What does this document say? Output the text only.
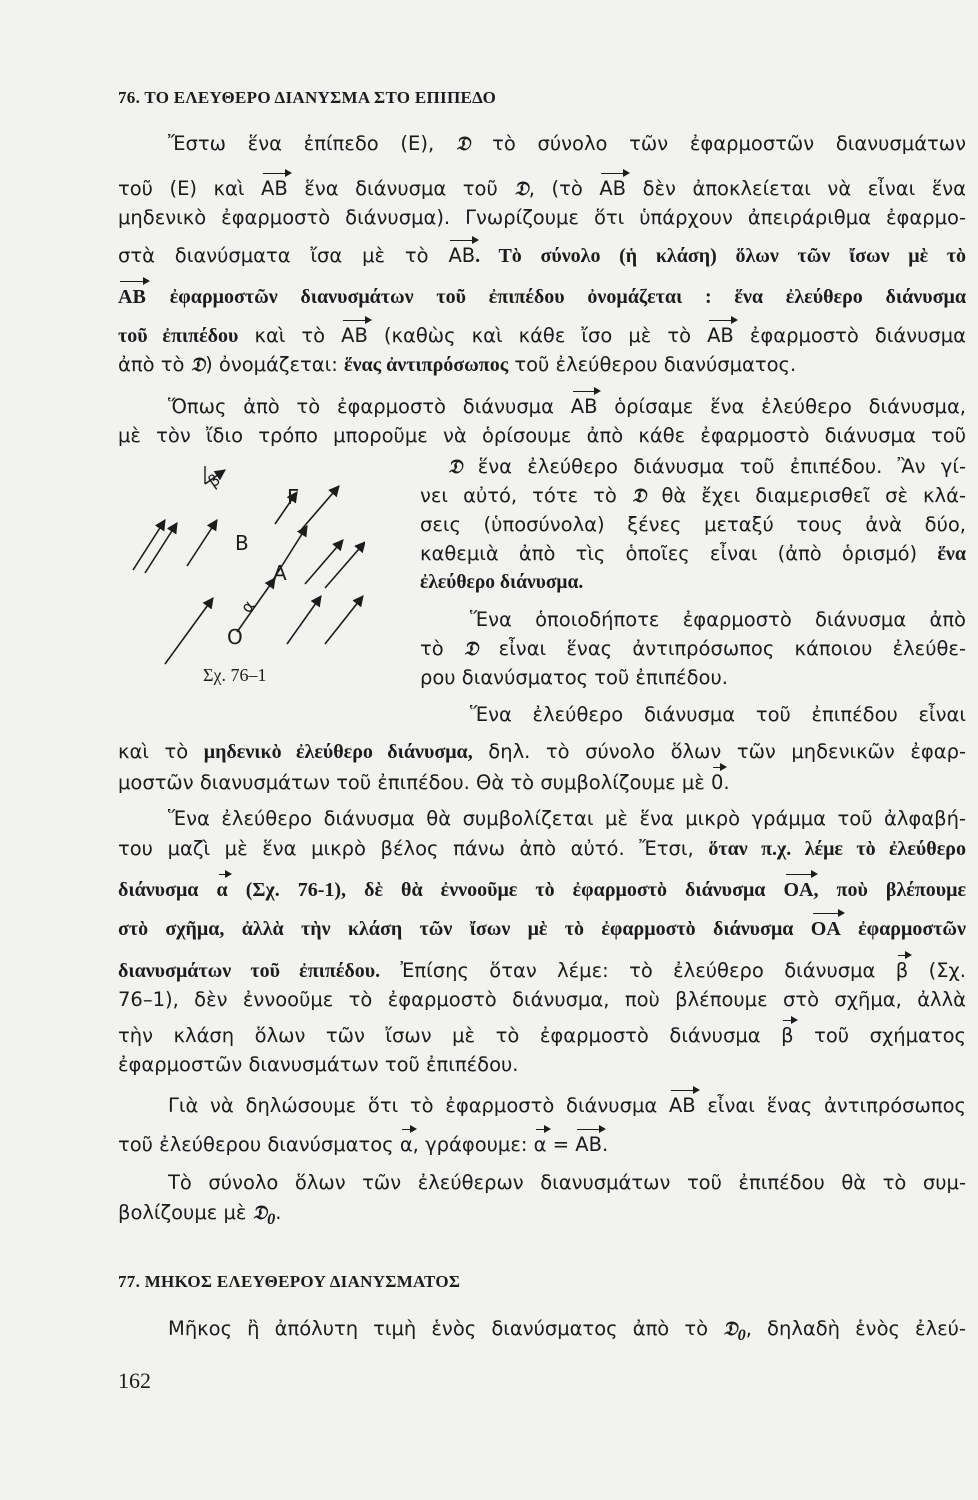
76. ΤΟ ΕΛΕΥΘΕΡΟ ΔΙΑΝΥΣΜΑ ΣΤΟ ΕΠΙΠΕΔΟ
Ἔστω ἕνα ἐπίπεδο (Ε), 𝔇 τὸ σύνολο τῶν ἐφαρμοστῶν διανυσμάτων
τοῦ (Ε) καὶ AB ἕνα διάνυσμα τοῦ 𝔇, (τὸ AB δὲν ἀποκλείεται νὰ εἶναι ἕνα
μηδενικὸ ἐφαρμοστὸ διάνυσμα). Γνωρίζουμε ὅτι ὑπάρχουν ἀπειράριθμα ἐφαρμο-
στὰ διανύσματα ἴσα μὲ τὸ AB. Τὸ σύνολο (ἡ κλάση) ὅλων τῶν ἴσων μὲ τὸ
AB ἐφαρμοστῶν διανυσμάτων τοῦ ἐπιπέδου ὀνομάζεται : ἕνα ἐλεύθερο διάνυσμα
τοῦ ἐπιπέδου καὶ τὸ AB (καθὼς καὶ κάθε ἴσο μὲ τὸ AB ἐφαρμοστὸ διάνυσμα
ἀπὸ τὸ 𝔇) ὀνομάζεται: ἕνας ἀντιπρόσωπος τοῦ ἐλεύθερου διανύσματος.
Ὅπως ἀπὸ τὸ ἐφαρμοστὸ διάνυσμα AB ὁρίσαμε ἕνα ἐλεύθερο διάνυσμα,
μὲ τὸν ἴδιο τρόπο μποροῦμε νὰ ὁρίσουμε ἀπὸ κάθε ἐφαρμοστὸ διάνυσμα τοῦ
𝔇 ἕνα ἐλεύθερο διάνυσμα τοῦ ἐπιπέδου. Ἂν γί-
νει αὐτό, τότε τὸ 𝔇 θὰ ἔχει διαμερισθεῖ σὲ κλά-
σεις (ὑποσύνολα) ξένες μεταξύ τους ἀνὰ δύο,
καθεμιὰ ἀπὸ τὶς ὁποῖες εἶναι (ἀπὸ ὁρισμό) ἕνα
ἐλεύθερο διάνυσμα.
Ἕνα ὁποιοδήποτε ἐφαρμοστὸ διάνυσμα ἀπὸ
τὸ 𝔇 εἶναι ἕνας ἀντιπρόσωπος κάποιου ἐλεύθε-
ρου διανύσματος τοῦ ἐπιπέδου.
Ἕνα ἐλεύθερο διάνυσμα τοῦ ἐπιπέδου εἶναι
O
A
B
Γ
α
β
Σχ. 76–1
καὶ τὸ μηδενικὸ ἐλεύθερο διάνυσμα, δηλ. τὸ σύνολο ὅλων τῶν μηδενικῶν ἐφαρ-
μοστῶν διανυσμάτων τοῦ ἐπιπέδου. Θὰ τὸ συμβολίζουμε μὲ 0.
Ἕνα ἐλεύθερο διάνυσμα θὰ συμβολίζεται μὲ ἕνα μικρὸ γράμμα τοῦ ἀλφαβή-
του μαζὶ μὲ ἕνα μικρὸ βέλος πάνω ἀπὸ αὐτό. Ἔτσι, ὅταν π.χ. λέμε τὸ ἐλεύθερο
διάνυσμα α (Σχ. 76-1), δὲ θὰ ἐννοοῦμε τὸ ἐφαρμοστὸ διάνυσμα OA, ποὺ βλέπουμε
στὸ σχῆμα, ἀλλὰ τὴν κλάση τῶν ἴσων μὲ τὸ ἐφαρμοστὸ διάνυσμα OA ἐφαρμοστῶν
διανυσμάτων τοῦ ἐπιπέδου. Ἐπίσης ὅταν λέμε: τὸ ἐλεύθερο διάνυσμα β (Σχ.
76–1), δὲν ἐννοοῦμε τὸ ἐφαρμοστὸ διάνυσμα, ποὺ βλέπουμε στὸ σχῆμα, ἀλλὰ
τὴν κλάση ὅλων τῶν ἴσων μὲ τὸ ἐφαρμοστὸ διάνυσμα β τοῦ σχήματος
ἐφαρμοστῶν διανυσμάτων τοῦ ἐπιπέδου.
Γιὰ νὰ δηλώσουμε ὅτι τὸ ἐφαρμοστὸ διάνυσμα AB εἶναι ἕνας ἀντιπρόσωπος
τοῦ ἐλεύθερου διανύσματος α, γράφουμε: α = AB.
Τὸ σύνολο ὅλων τῶν ἐλεύθερων διανυσμάτων τοῦ ἐπιπέδου θὰ τὸ συμ-
βολίζουμε μὲ 𝔇$_0$.
77. ΜΗΚΟΣ ΕΛΕΥΘΕΡΟΥ ΔΙΑΝΥΣΜΑΤΟΣ
Μῆκος ἢ ἀπόλυτη τιμὴ ἑνὸς διανύσματος ἀπὸ τὸ 𝔇$_0$, δηλαδὴ ἑνὸς ἐλεύ-
162
